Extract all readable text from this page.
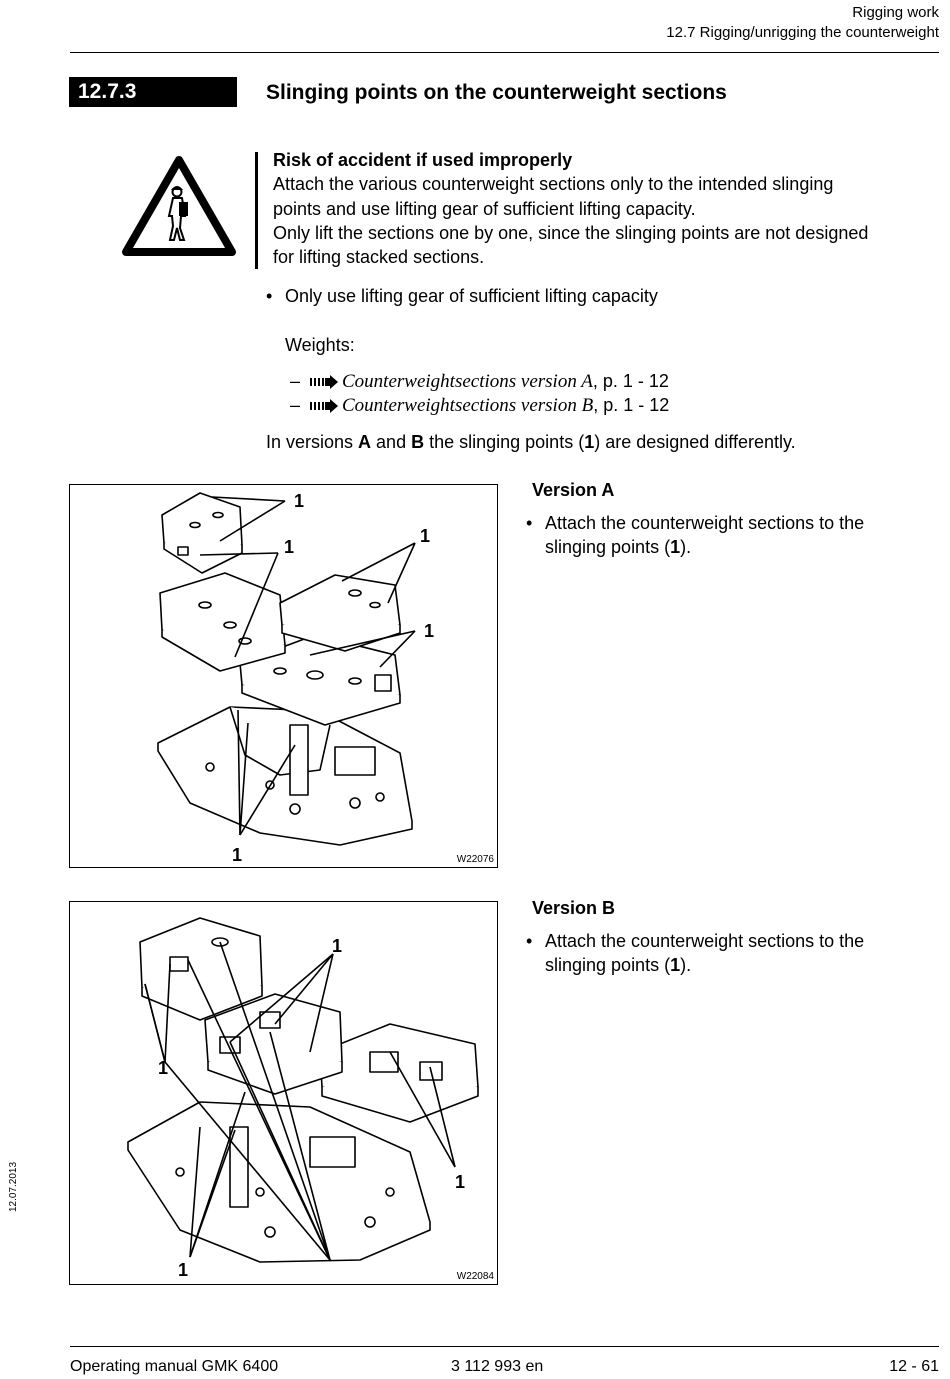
Rigging work
12.7 Rigging/unrigging the counterweight
12.7.3	Slinging points on the counterweight sections
Risk of accident if used improperly
Attach the various counterweight sections only to the intended slinging
points and use lifting gear of sufficient lifting capacity.
Only lift the sections one by one, since the slinging points are not designed
for lifting stacked sections.
• Only use lifting gear of sufficient lifting capacity
Weights:
– Counterweightsections version A, p. 1 - 12
– Counterweightsections version B, p. 1 - 12
In versions A and B the slinging points (1) are designed differently.
1
1
1
1
1	W22076
Version A
• Attach the counterweight sections to the
slinging points (1).
1
1
1
1	W22084
Version B
• Attach the counterweight sections to the
slinging points (1).
12.07.2013
Operating manual GMK 6400	3 112 993 en	12 - 61
